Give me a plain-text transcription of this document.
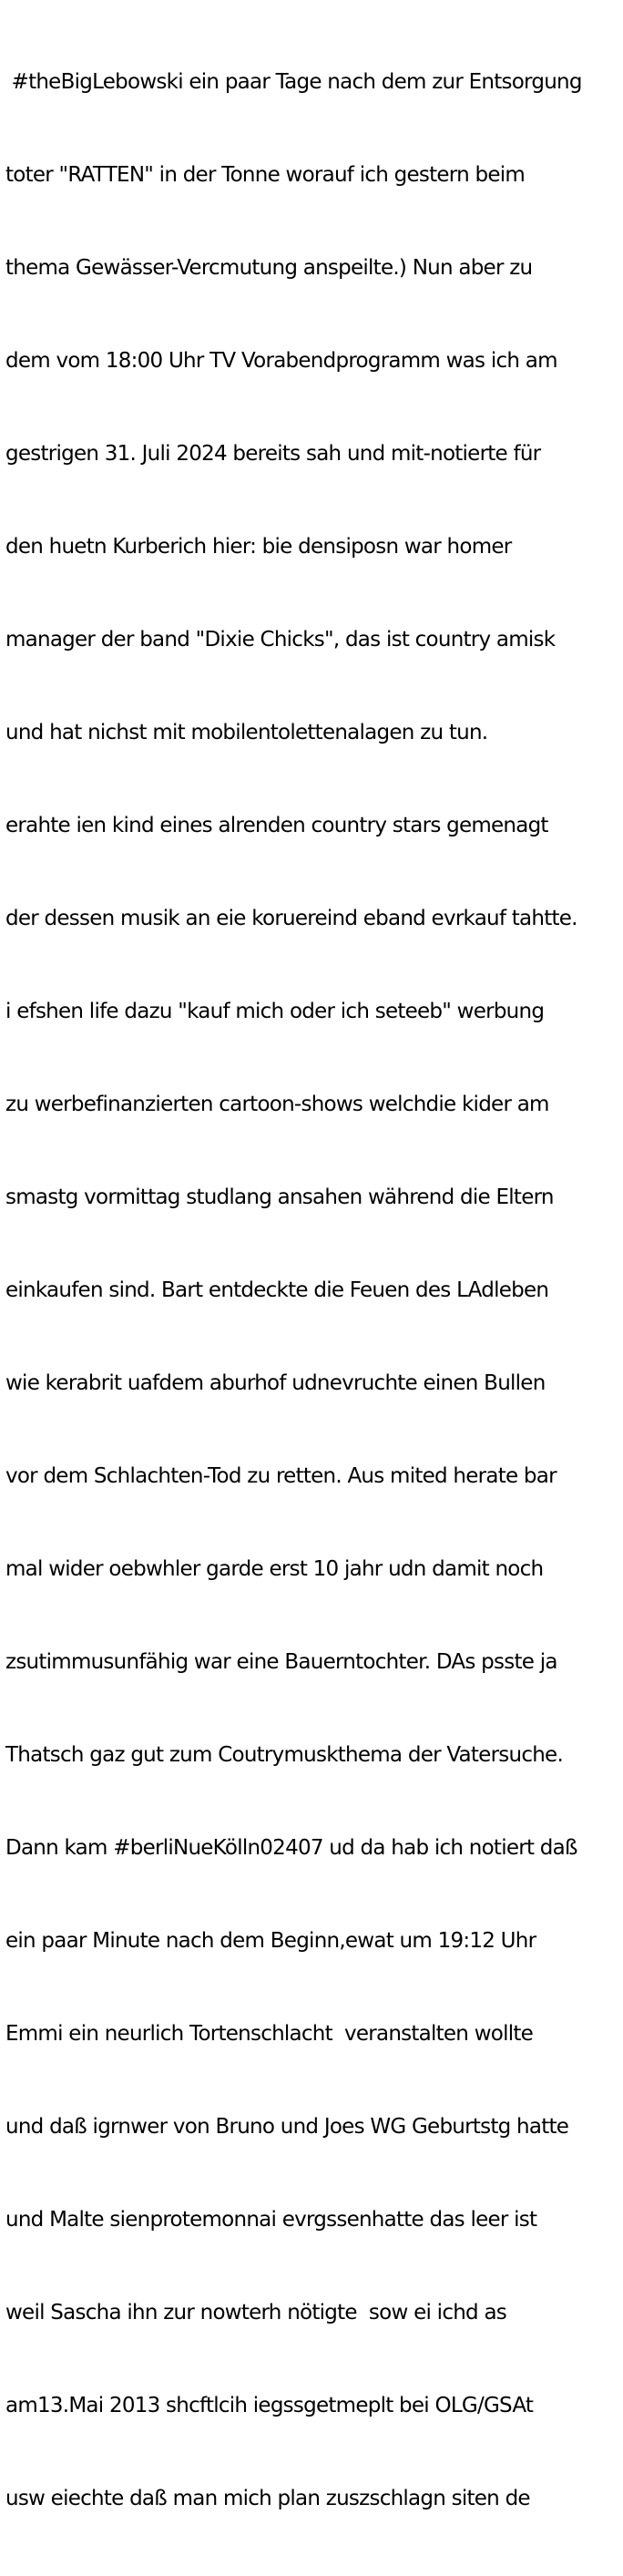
#theBigLebowski ein paar Tage nach dem zur Entsorgung

toter "RATTEN" in der Tonne worauf ich gestern beim

thema Gewässer-Vercmutung anspeilte.) Nun aber zu

dem vom 18:00 Uhr TV Vorabendprogramm was ich am

gestrigen 31. Juli 2024 bereits sah und mit-notierte für

den huetn Kurberich hier: bie densiposn war homer

manager der band "Dixie Chicks", das ist country amisk

und hat nichst mit mobilentolettenalagen zu tun.

erahte ien kind eines alrenden country stars gemenagt

der dessen musik an eie koruereind eband evrkauf tahtte.

i efshen life dazu "kauf mich oder ich seteeb" werbung

zu werbefinanzierten cartoon-shows welchdie kider am

smastg vormittag studlang ansahen während die Eltern

einkaufen sind. Bart entdeckte die Feuen des LAdleben

wie kerabrit uafdem aburhof udnevruchte einen Bullen

vor dem Schlachten-Tod zu retten. Aus mited herate bar

mal wider oebwhler garde erst 10 jahr udn damit noch

zsutimmusunfähig war eine Bauerntochter. DAs psste ja

Thatsch gaz gut zum Coutrymuskthema der Vatersuche.

Dann kam #berliNueKölln02407 ud da hab ich notiert daß

ein paar Minute nach dem Beginn,ewat um 19:12 Uhr

Emmi ein neurlich Tortenschlacht  veranstalten wollte

und daß igrnwer von Bruno und Joes WG Geburtstg hatte

und Malte sienprotemonnai evrgssenhatte das leer ist

weil Sascha ihn zur nowterh nötigte  sow ei ichd as

am13.Mai 2013 shcftlcih iegssgetmeplt bei OLG/GSAt

usw eiechte daß man mich plan zuszschlagn siten de
